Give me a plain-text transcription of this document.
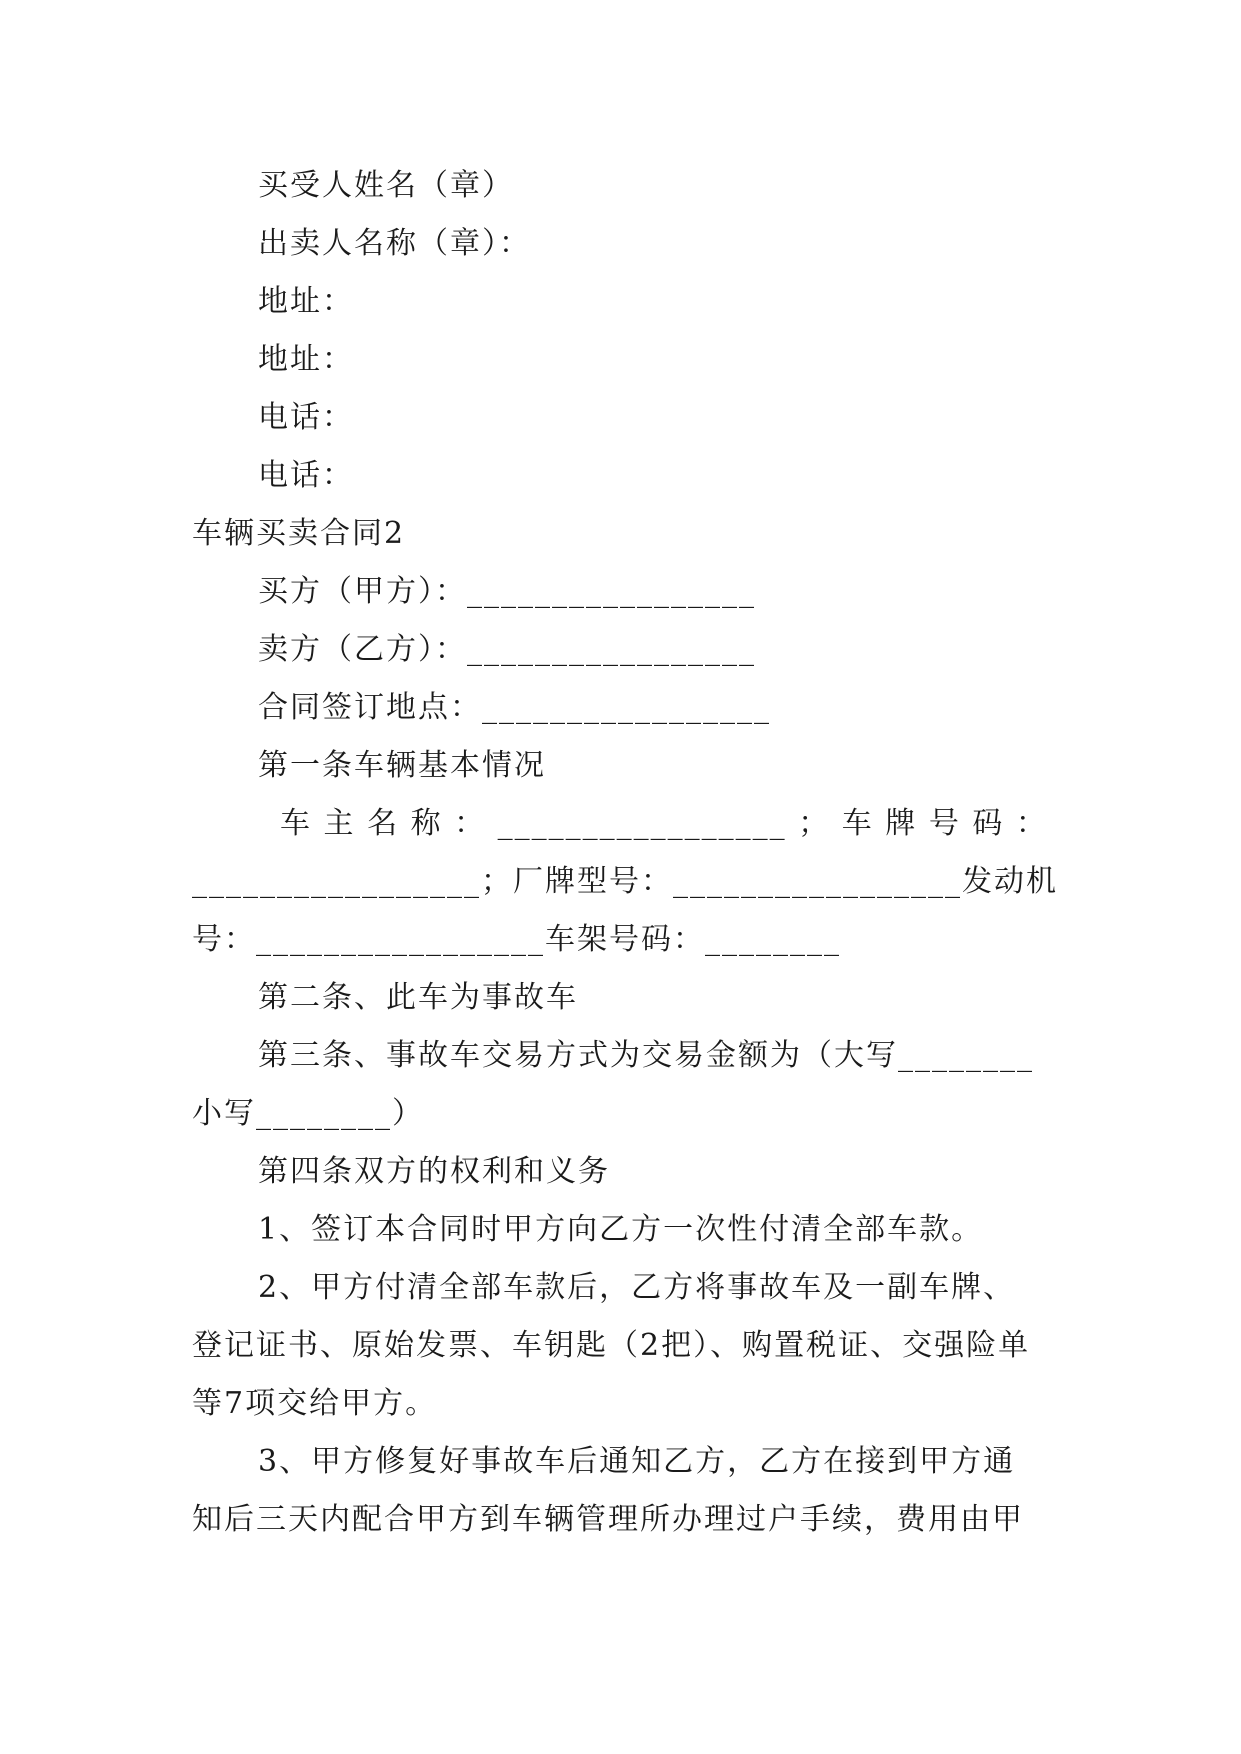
买受人姓名（章）
出卖人名称（章）：
地址：
地址：
电话：
电话：
车辆买卖合同2
买方（甲方）：_________________
卖方（乙方）：_________________
合同签订地点：_________________
第一条车辆基本情况
车 主 名 称 ： _________________ ； 车 牌 号 码 ：
_________________；厂牌型号：_________________发动机
号：_________________车架号码：________
第二条、此车为事故车
第三条、事故车交易方式为交易金额为（大写________
小写________）
第四条双方的权利和义务
1、签订本合同时甲方向乙方一次性付清全部车款。
2、甲方付清全部车款后，乙方将事故车及一副车牌、
登记证书、原始发票、车钥匙（2把）、购置税证、交强险单
等7项交给甲方。
3、甲方修复好事故车后通知乙方，乙方在接到甲方通
知后三天内配合甲方到车辆管理所办理过户手续，费用由甲
